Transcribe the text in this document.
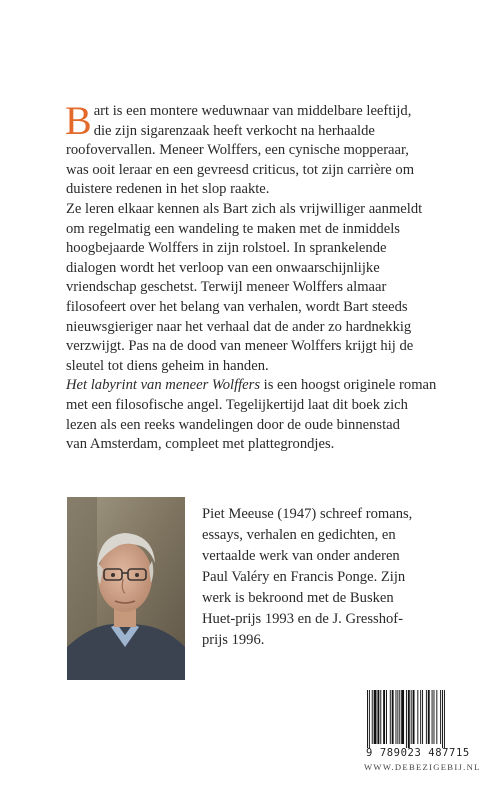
Bart is een montere weduwnaar van middelbare leeftijd,
die zijn sigarenzaak heeft verkocht na herhaalde
roofovervallen. Meneer Wolffers, een cynische mopperaar,
was ooit leraar en een gevreesd criticus, tot zijn carrière om
duistere redenen in het slop raakte.
Ze leren elkaar kennen als Bart zich als vrijwilliger aanmeldt
om regelmatig een wandeling te maken met de inmiddels
hoogbejaarde Wolffers in zijn rolstoel. In sprankelende
dialogen wordt het verloop van een onwaarschijnlijke
vriendschap geschetst. Terwijl meneer Wolffers almaar
filosofeert over het belang van verhalen, wordt Bart steeds
nieuwsgieriger naar het verhaal dat de ander zo hardnekkig
verzwijgt. Pas na de dood van meneer Wolffers krijgt hij de
sleutel tot diens geheim in handen.
Het labyrint van meneer Wolffers is een hoogst originele roman
met een filosofische angel. Tegelijkertijd laat dit boek zich
lezen als een reeks wandelingen door de oude binnenstad
van Amsterdam, compleet met plattegrondjes.

Piet Meeuse (1947) schreef romans,
essays, verhalen en gedichten, en
vertaalde werk van onder anderen
Paul Valéry en Francis Ponge. Zijn
werk is bekroond met de Busken
Huet-prijs 1993 en de J. Gresshof-
prijs 1996.
9 789023 487715
WWW.DEBEZIGEBIJ.NL
